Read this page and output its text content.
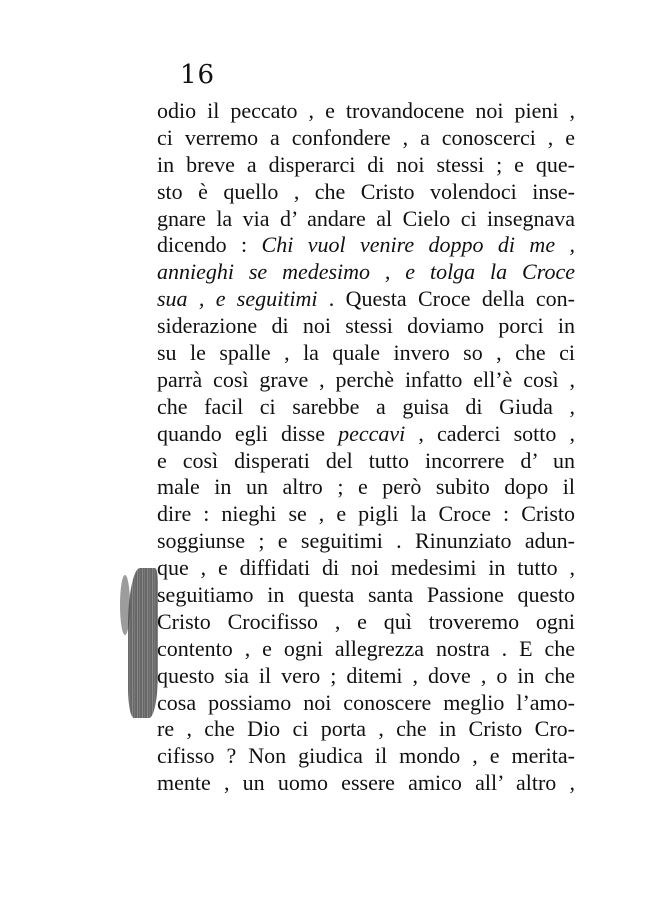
16
odio il peccato , e trovandocene noi pieni ,
ci verremo a confondere , a conoscerci , e
in breve a disperarci di noi stessi ; e que-
sto è quello , che Cristo volendoci inse-
gnare la via d’ andare al Cielo ci insegnava
dicendo : Chi vuol venire doppo di me ,
annieghi se medesimo , e tolga la Croce
sua , e seguitimi . Questa Croce della con-
siderazione di noi stessi doviamo porci in
su le spalle , la quale invero so , che ci
parrà così grave , perchè infatto ell’è così ,
che facil ci sarebbe a guisa di Giuda ,
quando egli disse peccavi , caderci sotto ,
e così disperati del tutto incorrere d’ un
male in un altro ; e però subito dopo il
dire : nieghi se , e pigli la Croce : Cristo
soggiunse ; e seguitimi . Rinunziato adun-
que , e diffidati di noi medesimi in tutto ,
seguitiamo in questa santa Passione questo
Cristo Crocifisso , e quì troveremo ogni
contento , e ogni allegrezza nostra . E che
questo sia il vero ; ditemi , dove , o in che
cosa possiamo noi conoscere meglio l’amo-
re , che Dio ci porta , che in Cristo Cro-
cifisso ? Non giudica il mondo , e merita-
mente , un uomo essere amico all’ altro ,
